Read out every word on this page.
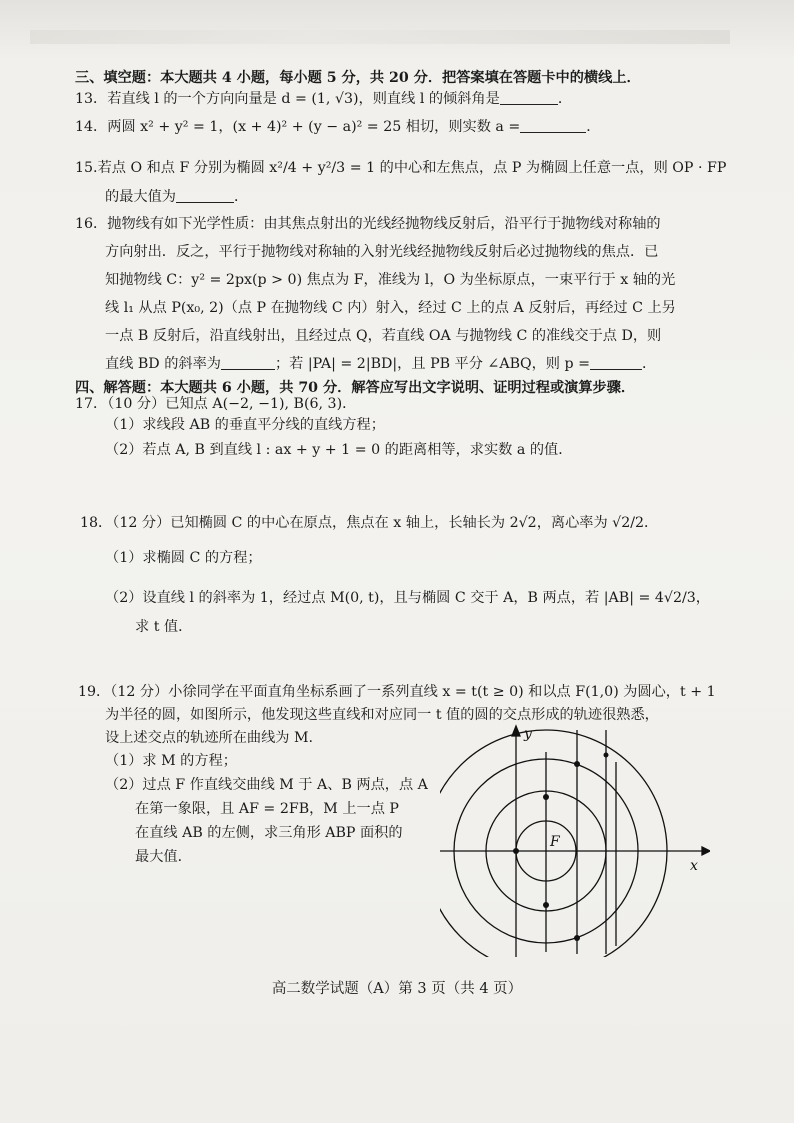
三、填空题：本大题共 4 小题，每小题 5 分，共 20 分．把答案填在答题卡中的横线上．
13．若直线 l 的一个方向向量是 d = (1, √3)，则直线 l 的倾斜角是	．
14．两圆 x² + y² = 1，(x + 4)² + (y − a)² = 25 相切，则实数 a =	．
15.若点 O 和点 F 分别为椭圆 x²/4 + y²/3 = 1 的中心和左焦点，点 P 为椭圆上任意一点，则 OP · FP
的最大值为	．
16．抛物线有如下光学性质：由其焦点射出的光线经抛物线反射后，沿平行于抛物线对称轴的
方向射出．反之，平行于抛物线对称轴的入射光线经抛物线反射后必过抛物线的焦点．已
知抛物线 C：y² = 2px(p > 0) 焦点为 F，准线为 l，O 为坐标原点，一束平行于 x 轴的光
线 l₁ 从点 P(x₀, 2)（点 P 在抛物线 C 内）射入，经过 C 上的点 A 反射后，再经过 C 上另
一点 B 反射后，沿直线射出，且经过点 Q，若直线 OA 与抛物线 C 的准线交于点 D，则
直线 BD 的斜率为	；若 |PA| = 2|BD|，且 PB 平分 ∠ABQ，则 p =	．
四、解答题：本大题共 6 小题，共 70 分．解答应写出文字说明、证明过程或演算步骤．
17．（10 分）已知点 A(−2, −1), B(6, 3)．
（1）求线段 AB 的垂直平分线的直线方程；
（2）若点 A, B 到直线 l : ax + y + 1 = 0 的距离相等，求实数 a 的值．
18．（12 分）已知椭圆 C 的中心在原点，焦点在 x 轴上，长轴长为 2√2，离心率为 √2/2．
（1）求椭圆 C 的方程；
（2）设直线 l 的斜率为 1，经过点 M(0, t)，且与椭圆 C 交于 A，B 两点，若 |AB| = 4√2/3，
求 t 值．
19．（12 分）小徐同学在平面直角坐标系画了一系列直线 x = t(t ≥ 0) 和以点 F(1,0) 为圆心，t + 1
为半径的圆，如图所示，他发现这些直线和对应同一 t 值的圆的交点形成的轨迹很熟悉，
设上述交点的轨迹所在曲线为 M.
（1）求 M 的方程；
（2）过点 F 作直线交曲线 M 于 A、B 两点，点 A
在第一象限，且 AF = 2FB，M 上一点 P
在直线 AB 的左侧，求三角形 ABP 面积的
最大值．
y
x
F
高二数学试题（A）第 3 页（共 4 页）
